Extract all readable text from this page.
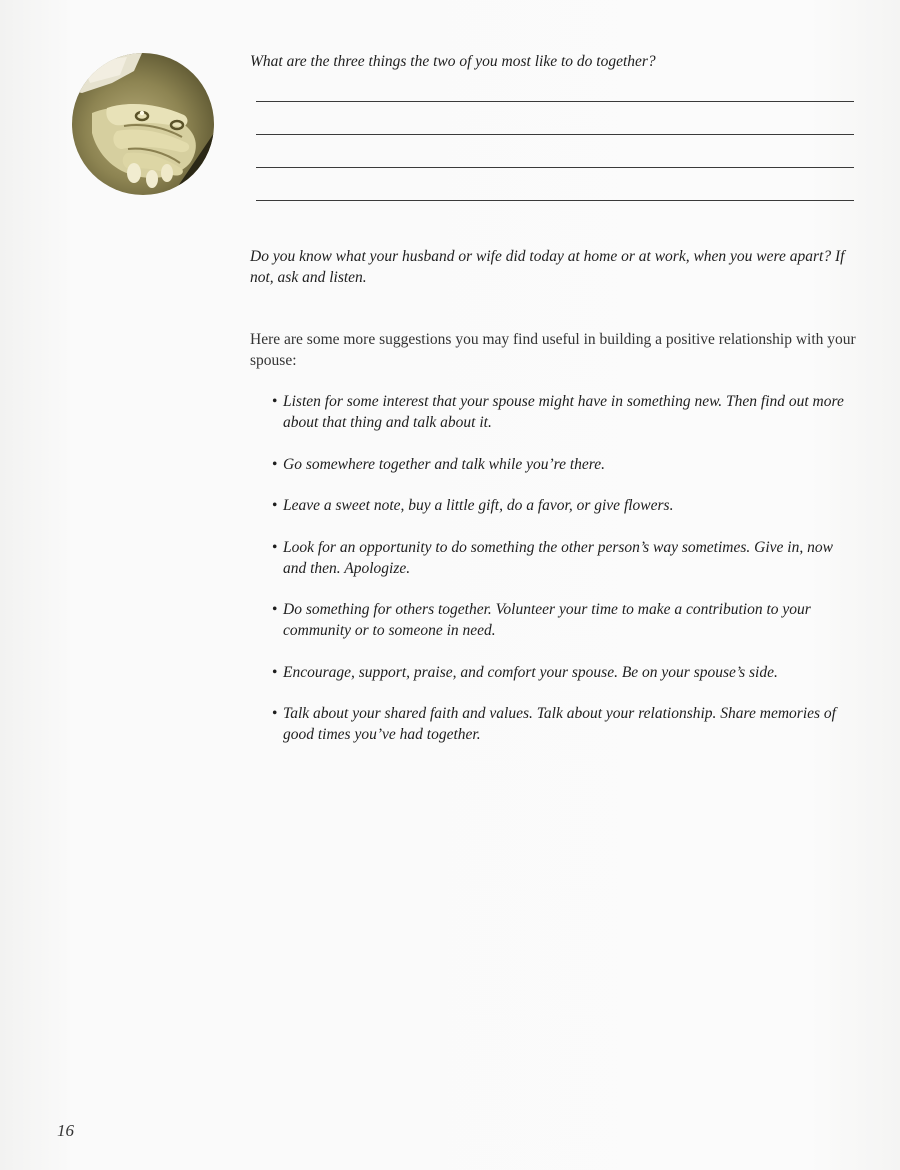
What are the three things the two of you most like to do together?
Do you know what your husband or wife did today at home or at work, when you were apart? If not, ask and listen.
Here are some more suggestions you may find useful in building a positive relationship with your spouse:
• Listen for some interest that your spouse might have in something new. Then find out more about that thing and talk about it.
• Go somewhere together and talk while you’re there.
• Leave a sweet note, buy a little gift, do a favor, or give flowers.
• Look for an opportunity to do something the other person’s way sometimes. Give in, now and then. Apologize.
• Do something for others together. Volunteer your time to make a contribution to your community or to someone in need.
• Encourage, support, praise, and comfort your spouse. Be on your spouse’s side.
• Talk about your shared faith and values. Talk about your relationship. Share memories of good times you’ve had together.
16
